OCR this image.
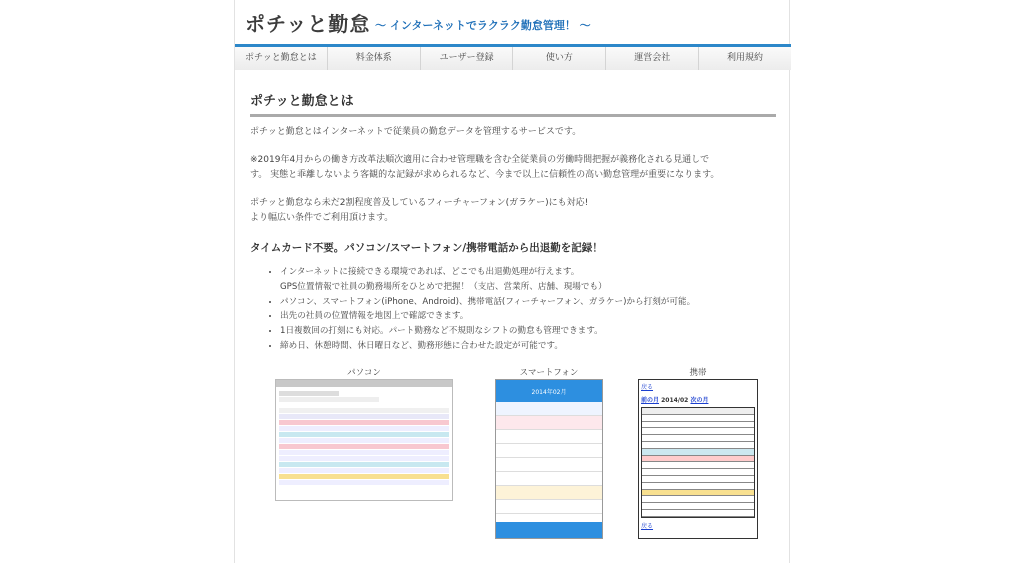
ポチッと勤怠 ～ インターネットでラクラク勤怠管理！ ～
ポチッと勤怠とは	料金体系	ユーザー登録	使い方	運営会社	利用規約
ポチッと勤怠とは
ポチッと勤怠とはインターネットで従業員の勤怠データを管理するサービスです。
※2019年4月からの働き方改革法順次適用に合わせ管理職を含む全従業員の労働時間把握が義務化される見通しで
す。 実態と乖離しないよう客観的な記録が求められるなど、今まで以上に信頼性の高い勤怠管理が重要になります。
ポチッと勤怠なら未だ2割程度普及しているフィーチャーフォン(ガラケー)にも対応!
より幅広い条件でご利用頂けます。
タイムカード不要。パソコン/スマートフォン/携帯電話から出退勤を記録！
• インターネットに接続できる環境であれば、どこでも出退勤処理が行えます。
GPS位置情報で社員の勤務場所をひとめで把握！（支店、営業所、店舗、現場でも）
• パソコン、スマートフォン(iPhone、Android)、携帯電話(フィーチャーフォン、ガラケー)から打刻が可能。
• 出先の社員の位置情報を地図上で確認できます。
• 1日複数回の打刻にも対応。パート勤務など不規則なシフトの勤怠も管理できます。
• 締め日、休憩時間、休日曜日など、勤務形態に合わせた設定が可能です。
パソコン	スマートフォン	携帯
2014年02月
戻る
前の月 2014/02 次の月
戻る
